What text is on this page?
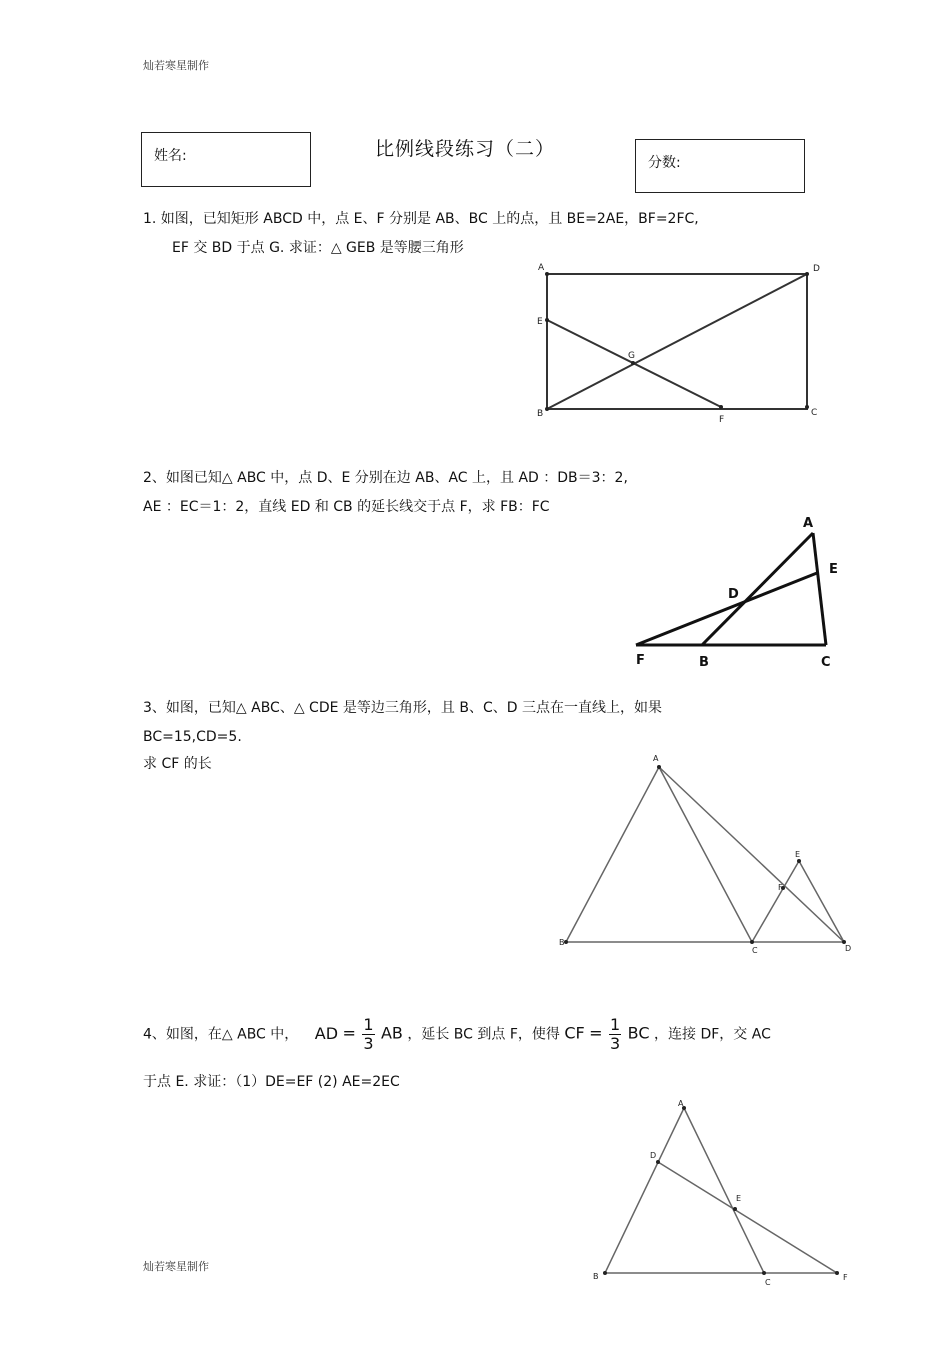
灿若寒星制作
灿若寒星制作
姓名:	比例线段练习（二）
分数:
1. 如图，已知矩形 ABCD 中，点 E、F 分别是 AB、BC 上的点，且 BE=2AE，BF=2FC,
EF 交 BD 于点 G. 求证：△ GEB 是等腰三角形
A	D
E
G
B
F
C
A
E
D
F	B	C
A
E
F
B
C	D
A
D
E
B
C
F
2、如图已知△ ABC 中，点 D、E 分别在边 AB、AC 上，且 AD ：DB＝3：2,
AE ：EC＝1：2，直线 ED 和 CB 的延长线交于点 F，求 FB：FC
3、如图，已知△ ABC、△ CDE 是等边三角形，且 B、C、D 三点在一直线上，如果
BC=15,CD=5.
求 CF 的长
4、如图，在△ ABC 中， AD = $\frac{1}{3}$ AB ，延长 BC 到点 F，使得 CF = $\frac{1}{3}$ BC ，连接 DF，交 AC
于点 E. 求证：（1）DE=EF (2) AE=2EC
